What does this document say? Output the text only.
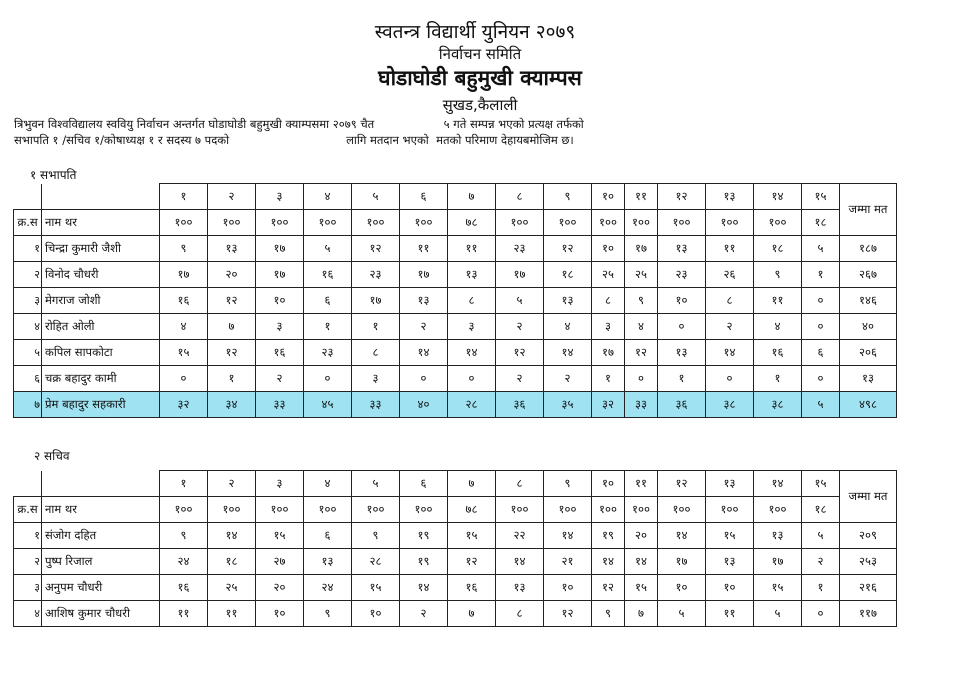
स्वतन्त्र विद्यार्थी युनियन २०७९
निर्वाचन समिति
घोडाघोडी बहुमुखी क्याम्पस
सुखड,कैलाली
त्रिभुवन विश्वविद्यालय स्ववियु निर्वाचन अन्तर्गत घोडाघोडी बहुमुखी क्याम्पसमा २०७९ चैत                   ५ गते सम्पन्न भएको प्रत्यक्ष तर्फको
सभापति १ /सचिव १/कोषाध्यक्ष १ र सदस्य ७ पदको                                लागि मतदान भएको  मतको परिमाण देहायबमोजिम छ।
१ सभापति
		१	२	३	४	५	६	७	८	९	१०	११	१२	१३	१४	१५	जम्मा मत
क्र.स	नाम थर	१००	१००	१००	१००	१००	१००	७८	१००	१००	१००	१००	१००	१००	१००	१८	
१	चिन्द्रा कुमारी जैशी	९	१३	१७	५	१२	११	११	२३	१२	१०	१७	१३	११	१८	५	१८७
२	विनोद चौधरी	१७	२०	१७	१६	२३	१७	१३	१७	१८	२५	२५	२३	२६	९	१	२६७
३	मेगराज जोशी	१६	१२	१०	६	१७	१३	८	५	१३	८	९	१०	८	११	०	१४६
४	रोहित ओली	४	७	३	१	१	२	३	२	४	३	४	०	२	४	०	४०
५	कपिल सापकोटा	१५	१२	१६	२३	८	१४	१४	१२	१४	१७	१२	१३	१४	१६	६	२०६
६	चक्र बहादुर कामी	०	१	२	०	३	०	०	२	२	१	०	१	०	१	०	१३
७	प्रेम बहादुर सहकारी	३२	३४	३३	४५	३३	४०	२८	३६	३५	३२	३३	३६	३८	३८	५	४९८
२ सचिव
		१	२	३	४	५	६	७	८	९	१०	११	१२	१३	१४	१५	जम्मा मत
क्र.स	नाम थर	१००	१००	१००	१००	१००	१००	७८	१००	१००	१००	१००	१००	१००	१००	१८	
१	संजोग दहित	९	१४	१५	६	९	१९	१५	२२	१४	१९	२०	१४	१५	१३	५	२०९
२	पुष्प रिजाल	२४	१८	२७	१३	२८	१९	१२	१४	२१	१४	१४	१७	१३	१७	२	२५३
३	अनुपम चौधरी	१६	२५	२०	२४	१५	१४	१६	१३	१०	१२	१५	१०	१०	१५	१	२१६
४	आशिष कुमार चौधरी	११	११	१०	९	१०	२	७	८	१२	९	७	५	११	५	०	११७
